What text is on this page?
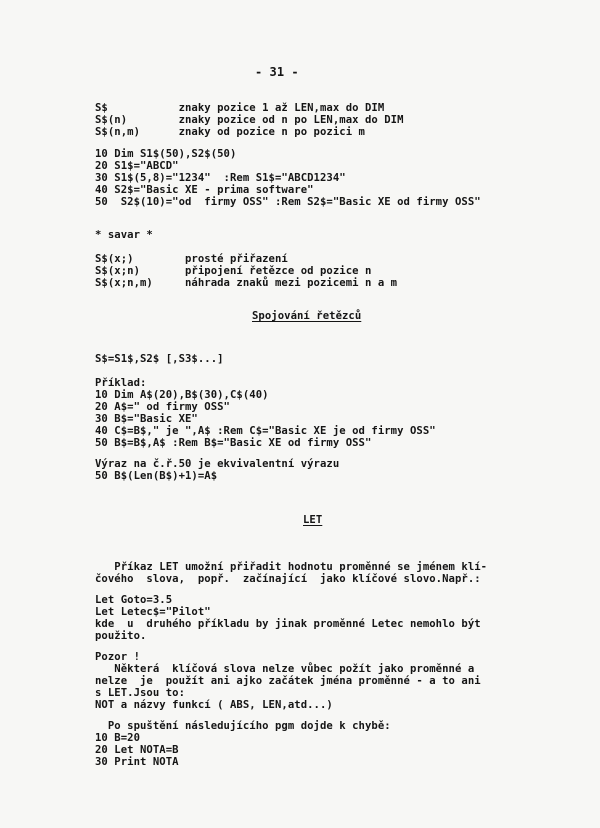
- 31 -
S$           znaky pozice 1 až LEN,max do DIM
S$(n)        znaky pozice od n po LEN,max do DIM
S$(n,m)      znaky od pozice n po pozici m
10 Dim S1$(50),S2$(50)
20 S1$="ABCD"
30 S1$(5,8)="1234"  :Rem S1$="ABCD1234"
40 S2$="Basic XE - prima software"
50  S2$(10)="od  firmy OSS" :Rem S2$="Basic XE od firmy OSS"
* savar *
S$(x;)        prosté přiřazení
S$(x;n)       připojení řetězce od pozice n
S$(x;n,m)     náhrada znaků mezi pozicemi n a m
Spojování řetězců
S$=S1$,S2$ [,S3$...]
Příklad:
10 Dim A$(20),B$(30),C$(40)
20 A$=" od firmy OSS"
30 B$="Basic XE"
40 C$=B$," je ",A$ :Rem C$="Basic XE je od firmy OSS"
50 B$=B$,A$ :Rem B$="Basic XE od firmy OSS"
Výraz na č.ř.50 je ekvivalentní výrazu
50 B$(Len(B$)+1)=A$
LET
Příkaz LET umožní přiřadit hodnotu proměnné se jménem klí-
čového  slova,  popř.  začínající  jako klíčové slovo.Např.:
Let Goto=3.5
Let Letec$="Pilot"
kde  u  druhého příkladu by jinak proměnné Letec nemohlo být
použito.
Pozor !
Některá  klíčová slova nelze vůbec požít jako proměnné a
nelze  je  použít ani ajko začátek jména proměnné - a to ani
s LET.Jsou to:
NOT a názvy funkcí ( ABS, LEN,atd...)
Po spuštění následujícího pgm dojde k chybě:
10 B=20
20 Let NOTA=B
30 Print NOTA
